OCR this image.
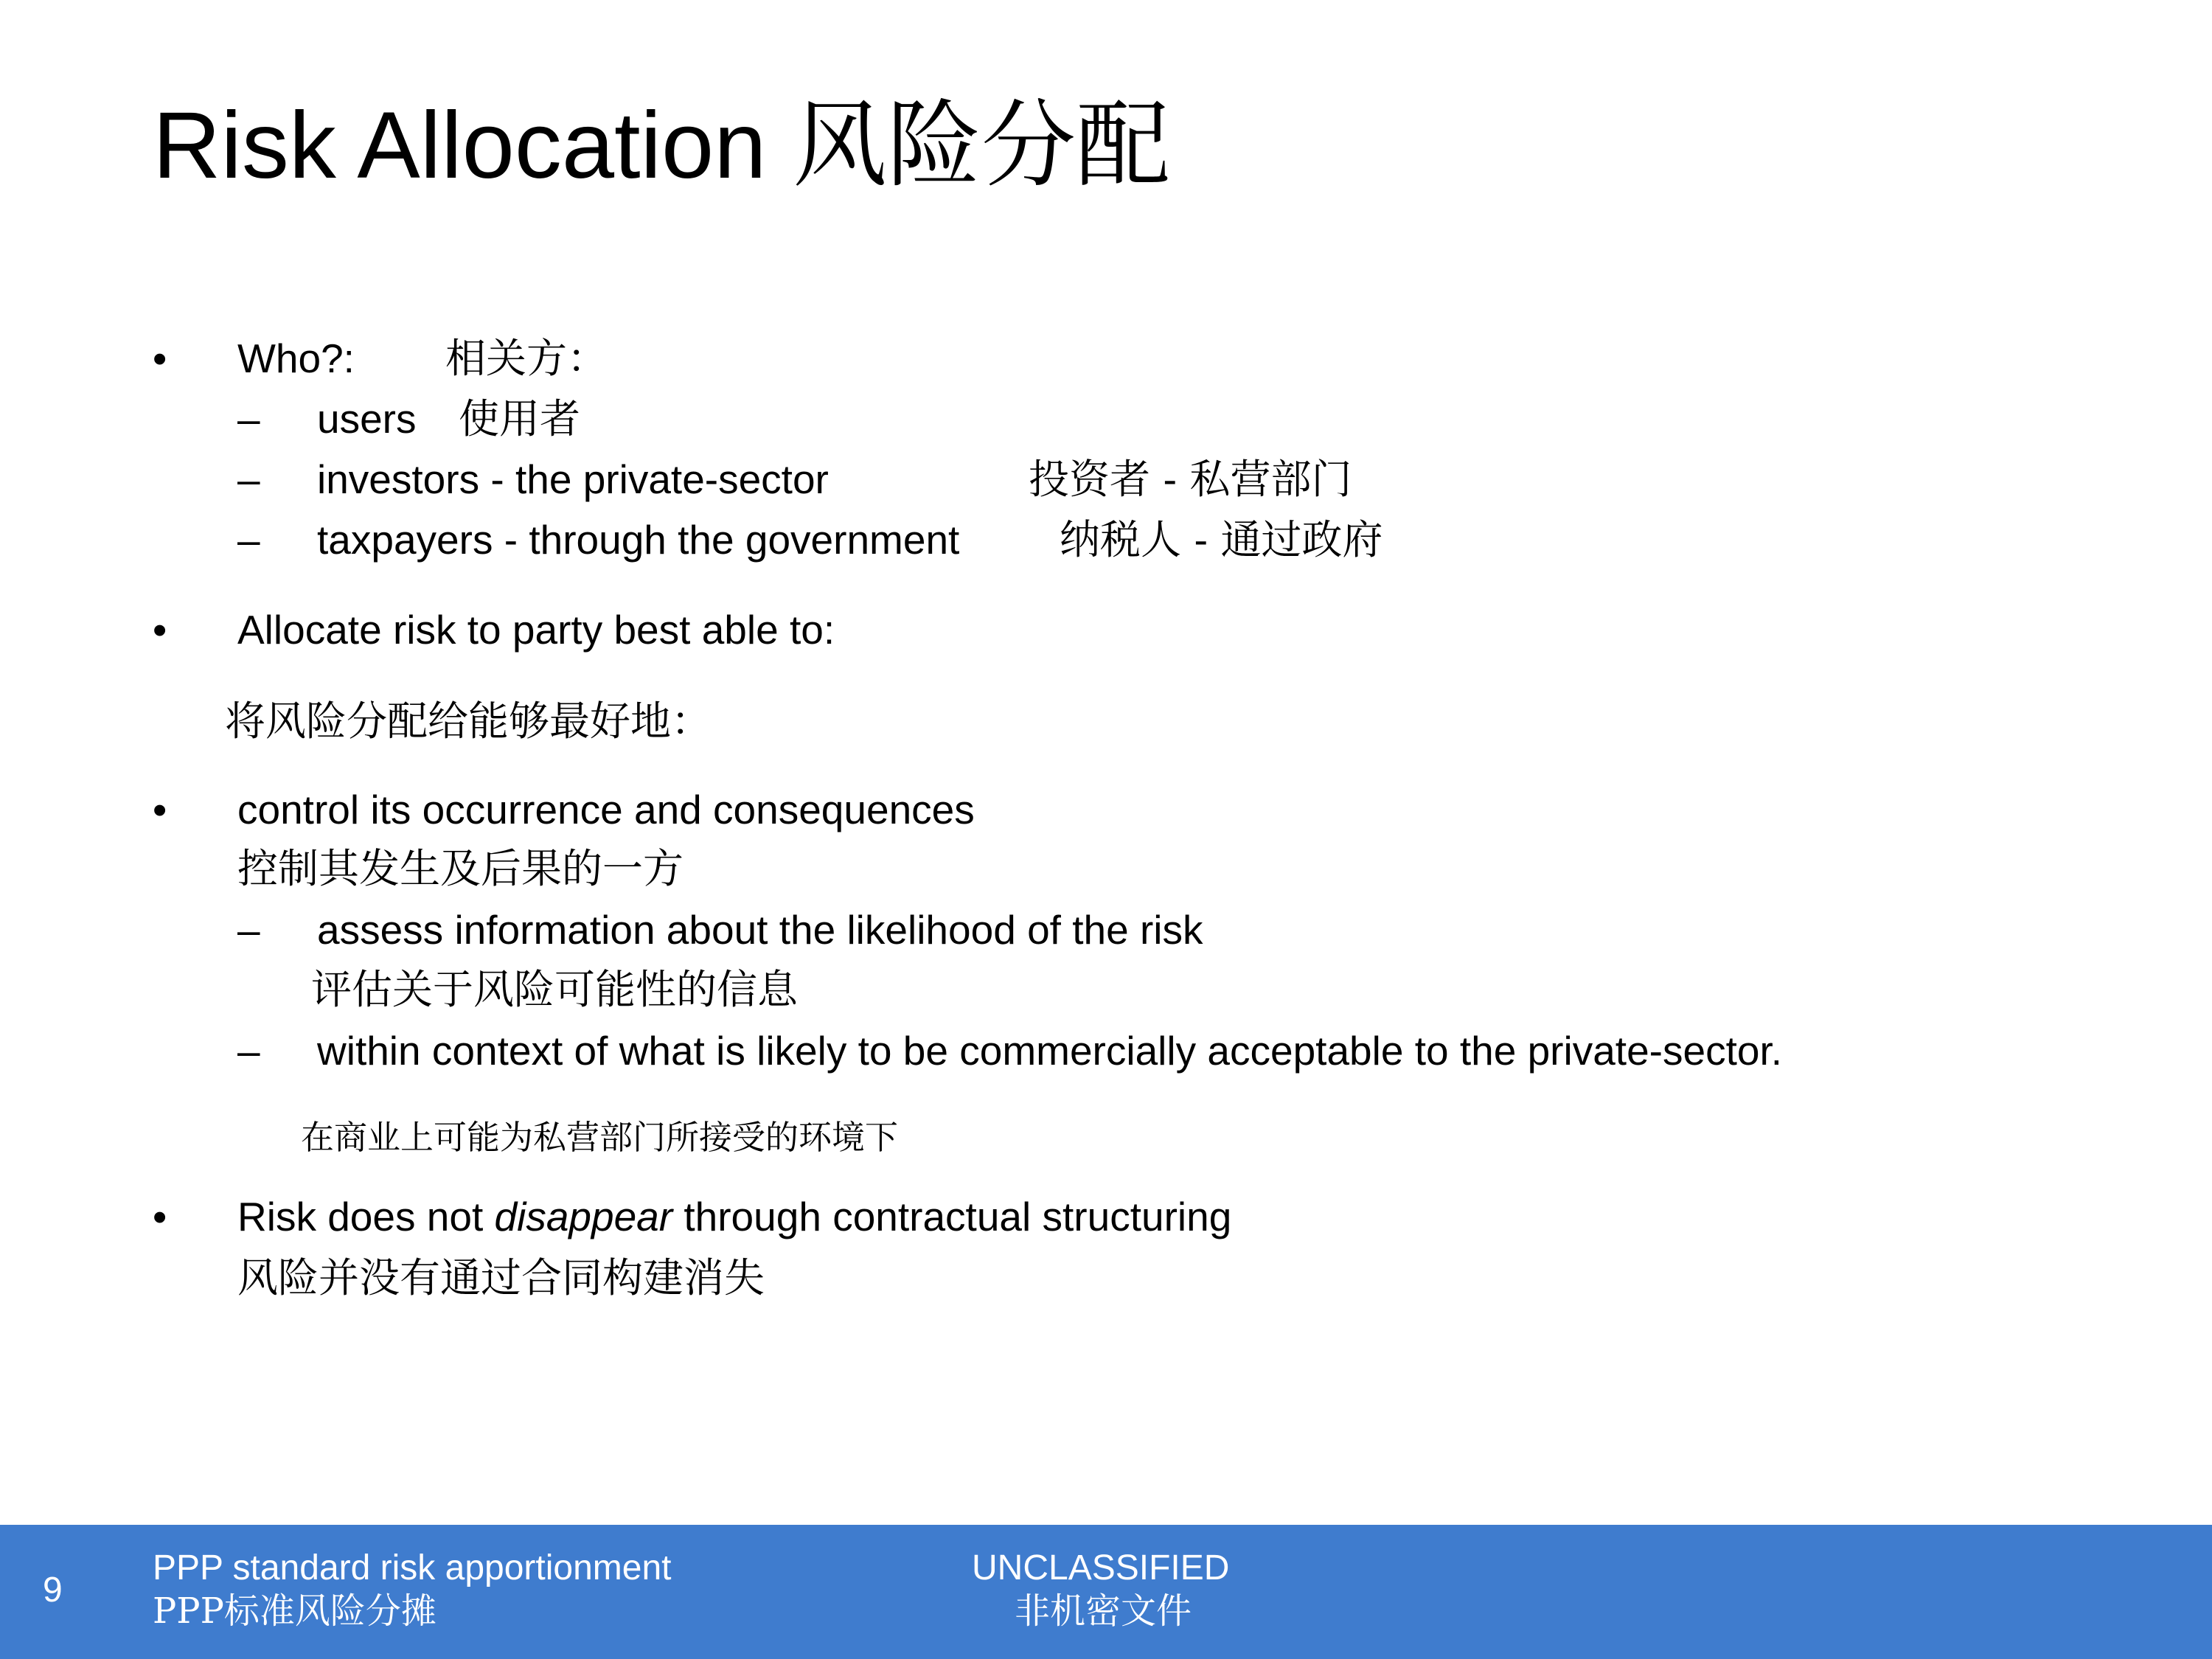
Risk Allocation 风险分配
• Who?: 相关方：
– users 使用者
– investors - the private-sector	投资者 - 私营部门
– taxpayers - through the government 纳税人 - 通过政府
• Allocate risk to party best able to:
将风险分配给能够最好地：
• control its occurrence and consequences
控制其发生及后果的一方
– assess information about the likelihood of the risk
评估关于风险可能性的信息
– within context of what is likely to be commercially acceptable to the private-sector.
在商业上可能为私营部门所接受的环境下
• Risk does not disappear through contractual structuring
风险并没有通过合同构建消失
9
PPP standard risk apportionment
PPP标准风险分摊
UNCLASSIFIED
非机密文件
